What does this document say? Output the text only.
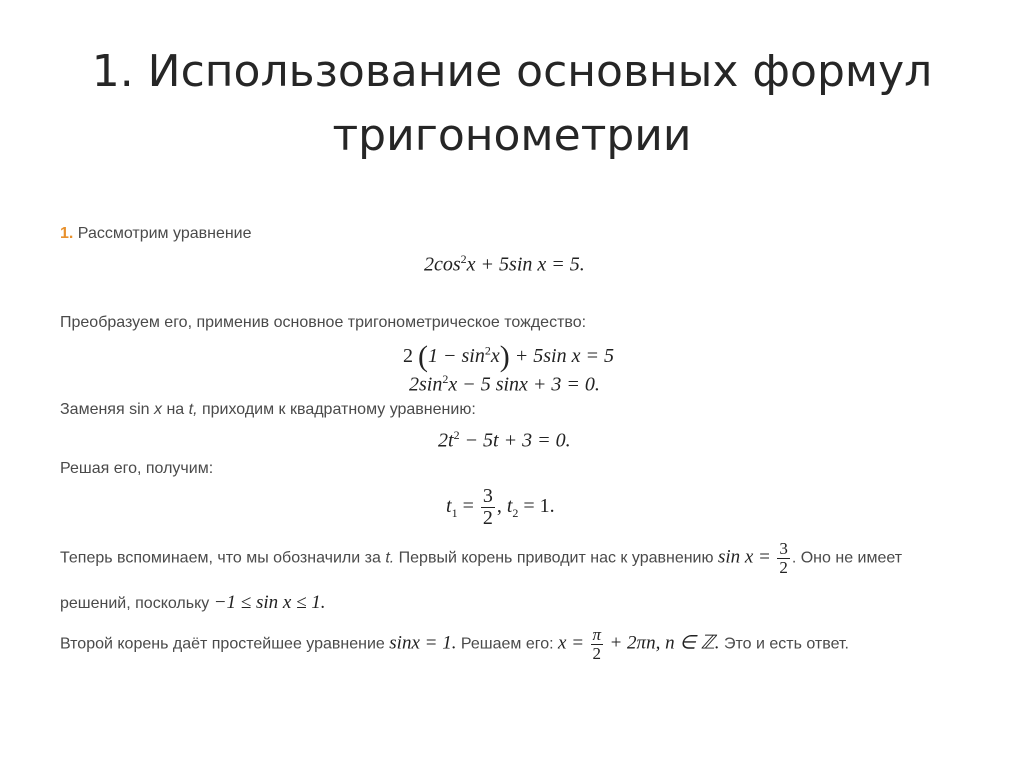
1. Использование основных формул
тригонометрии
1. Рассмотрим уравнение
$2\cos^2x + 5\sin$ x = 5.
Преобразуем его, применив основное тригонометрическое тождество:
2 $(1 - \sin^2x) + 5\sin$ x = 5
$2\sin^2x - 5$ sinx + 3 = 0.
Заменяя sin x на t, приходим к квадратному уравнению:
$2t^2 - 5t + 3 = 0$.
Решая его, получим:
$t_1 = \frac{3}{2}$ , $t_2 = 1$.
Теперь вспоминаем, что мы обозначили за t. Первый корень приводит нас к уравнению $\sin x = \frac{3}{2}$ . Оно не имеет
решений, поскольку −1 ≤ sin x ≤ 1.
Второй корень даёт простейшее уравнение sinx = 1. Решаем его: $x = \frac{\pi}{2} + 2\pi n$, n ∈ ℤ. Это и есть ответ.
